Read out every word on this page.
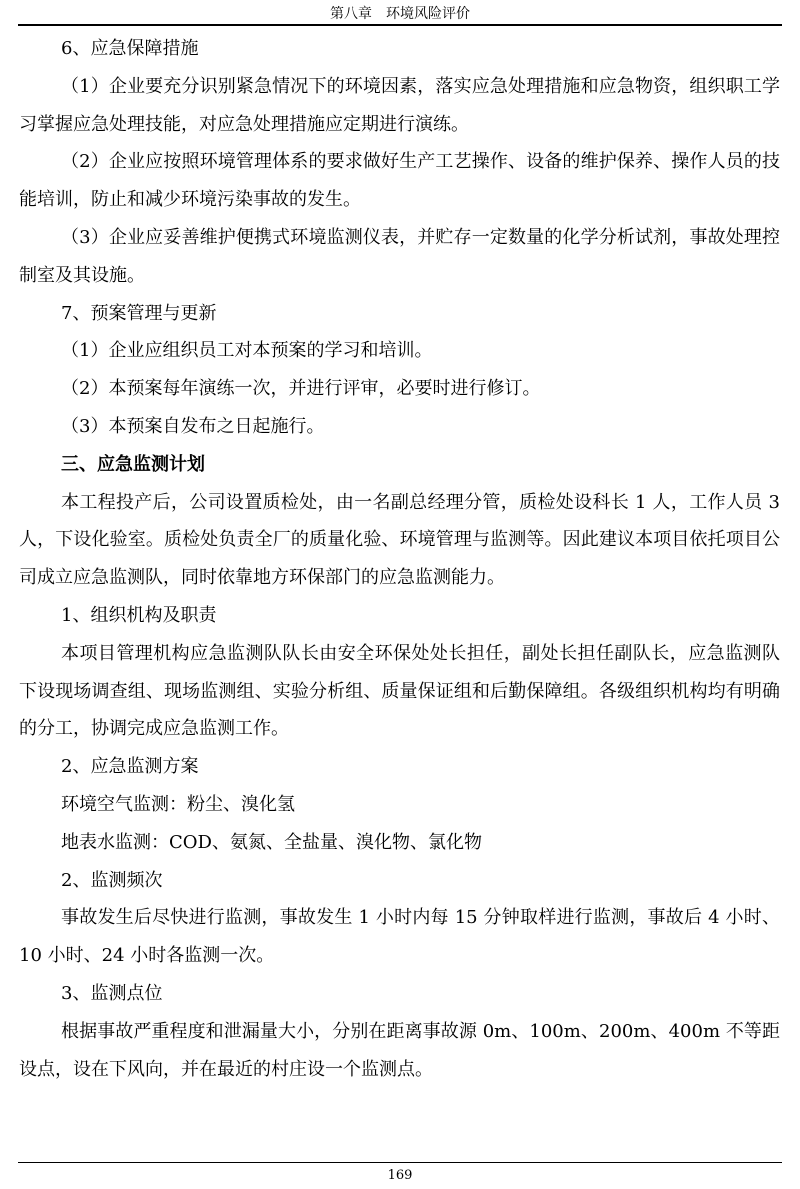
第八章　环境风险评价

6、应急保障措施

（1）企业要充分识别紧急情况下的环境因素，落实应急处理措施和应急物资，组织职工学习掌握应急处理技能，对应急处理措施应定期进行演练。

（2）企业应按照环境管理体系的要求做好生产工艺操作、设备的维护保养、操作人员的技能培训，防止和减少环境污染事故的发生。

（3）企业应妥善维护便携式环境监测仪表，并贮存一定数量的化学分析试剂，事故处理控制室及其设施。

7、预案管理与更新

（1）企业应组织员工对本预案的学习和培训。

（2）本预案每年演练一次，并进行评审，必要时进行修订。

（3）本预案自发布之日起施行。

三、应急监测计划

本工程投产后，公司设置质检处，由一名副总经理分管，质检处设科长 1 人，工作人员 3 人，下设化验室。质检处负责全厂的质量化验、环境管理与监测等。因此建议本项目依托项目公司成立应急监测队，同时依靠地方环保部门的应急监测能力。

1、组织机构及职责

本项目管理机构应急监测队队长由安全环保处处长担任，副处长担任副队长，应急监测队下设现场调查组、现场监测组、实验分析组、质量保证组和后勤保障组。各级组织机构均有明确的分工，协调完成应急监测工作。

2、应急监测方案

环境空气监测：粉尘、溴化氢

地表水监测：COD、氨氮、全盐量、溴化物、氯化物

2、监测频次

事故发生后尽快进行监测，事故发生 1 小时内每 15 分钟取样进行监测，事故后 4 小时、10 小时、24 小时各监测一次。

3、监测点位

根据事故严重程度和泄漏量大小，分别在距离事故源 0m、100m、200m、400m 不等距设点，设在下风向，并在最近的村庄设一个监测点。

169
